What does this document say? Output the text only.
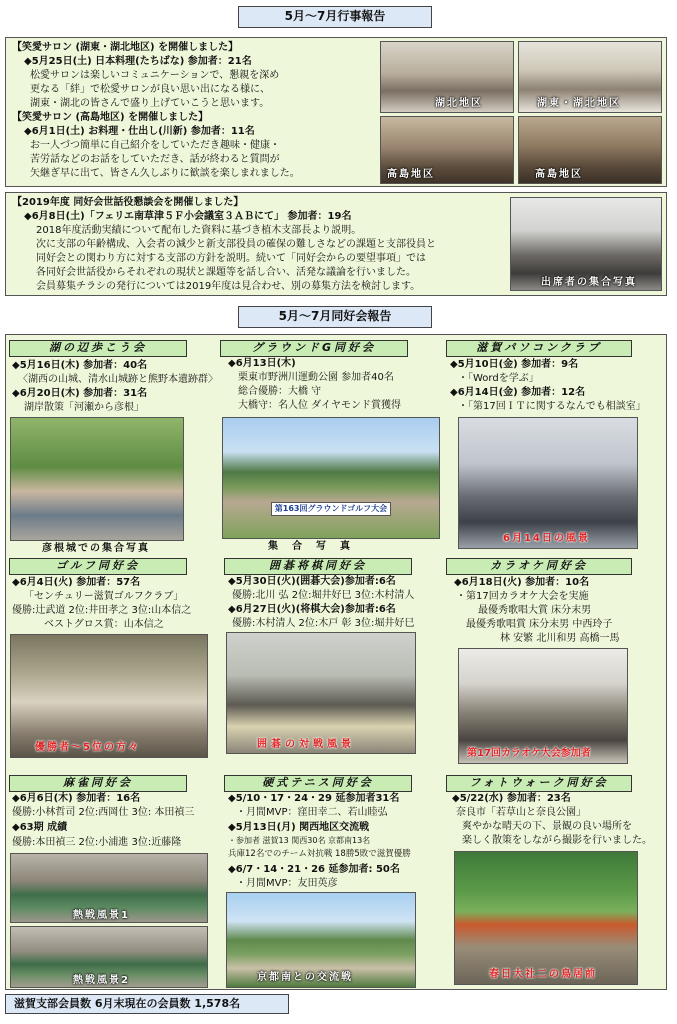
5月～7月行事報告
【笑愛サロン (湖東・湖北地区) を開催しました】
◆5月25日(土) 日本料理(たちばな) 参加者：21名
松愛サロンは楽しいコミュニケーションで、懇親を深め
更なる「絆」で松愛サロンが良い思い出になる様に、
湖東・湖北の皆さんで盛り上げていこうと思います。
【笑愛サロン (高島地区) を開催しました】
◆6月1日(土) お料理・仕出し(川新) 参加者：11名
お一人づつ簡単に自己紹介をしていただき趣味・健康・
苦労話などのお話をしていただき、話が終わると質問が
矢継ぎ早に出て、皆さん久しぶりに歓談を楽しまれました。
湖北地区	湖東・湖北地区
高島地区	高島地区
【2019年度 同好会世話役懇談会を開催しました】
◆6月8日(土)「フェリエ南草津５Ｆ小会議室３ＡＢにて」 参加者：19名
2018年度活動実績について配布した資料に基づき植木支部長より説明。
次に支部の年齢構成、入会者の減少と新支部役員の確保の難しさなどの課題と支部役員と
同好会との関わり方に対する支部の方針を説明。続いて「同好会からの要望事項」では
各同好会世話役からそれぞれの現状と課題等を話し合い、活発な議論を行いました。
会員募集チラシの発行については2019年度は見合わせ、別の募集方法を検討します。	出席者の集合写真
5月～7月同好会報告
湖の辺歩こう会
◆5月16日(木) 参加者：40名
〈湖西の山城、清水山城跡と熊野本遺跡群〉
◆6月20日(木) 参加者：31名
湖岸散策「河瀬から彦根」
彦根城での集合写真
グラウンドG同好会
◆6月13日(木)
栗東市野洲川運動公園 参加者40名
総合優勝：大橋 守
大橋守：名人位 ダイヤモンド賞獲得
第163回グラウンドゴルフ大会
集合写真
滋賀パソコンクラブ
◆5月10日(金) 参加者：9名
・「Wordを学ぶ」
◆6月14日(金) 参加者：12名
・「第17回ＩＴに関するなんでも相談室」
6月14日の風景
ゴルフ同好会
◆6月4日(火) 参加者：57名
「センチュリー滋賀ゴルフクラブ」
優勝:辻武道 2位:井田孝之 3位:山本信之
ベストグロス賞：山本信之
優勝者～5位の方々
囲碁将棋同好会
◆5月30日(火)(囲碁大会)参加者:6名
優勝:北川 弘 2位:堀井好巳 3位:木村清人
◆6月27日(火)(将棋大会)参加者:6名
優勝:木村清人 2位:木戸 彰 3位:堀井好巳
囲碁の対戦風景
カラオケ同好会
◆6月18日(火) 参加者：10名
・第17回カラオケ大会を実施
最優秀歌唱大賞 床分末男
最優秀歌唱賞 床分末男 中西玲子
林 安繁 北川和男 高橋一馬
第17回カラオケ大会参加者
麻雀同好会
◆6月6日(木) 参加者：16名
優勝:小林哲司 2位:西岡仕 3位: 本田禎三
◆63期 成績
優勝:本田禎三 2位:小浦進 3位:近藤隆
熱戦風景1
熱戦風景2
硬式テニス同好会
◆5/10・17・24・29 延参加者31名
・月間MVP：窪田幸二、若山睦弘
◆5月13日(月) 関西地区交流戦
・参加者 滋賀13 関西30名 京都南13名
兵庫12名でのチーム対抗戦 18勝5敗で滋賀優勝
◆6/7・14・21・26 延参加者: 50名
・月間MVP：友田英彦
京都南との交流戦
フォトウォーク同好会
◆5/22(水) 参加者：23名
奈良市「若草山と奈良公園」
爽やかな晴天の下、景観の良い場所を
楽しく散策をしながら撮影を行いました。
春日大社二の鳥居前
滋賀支部会員数 6月末現在の会員数 1,578名
